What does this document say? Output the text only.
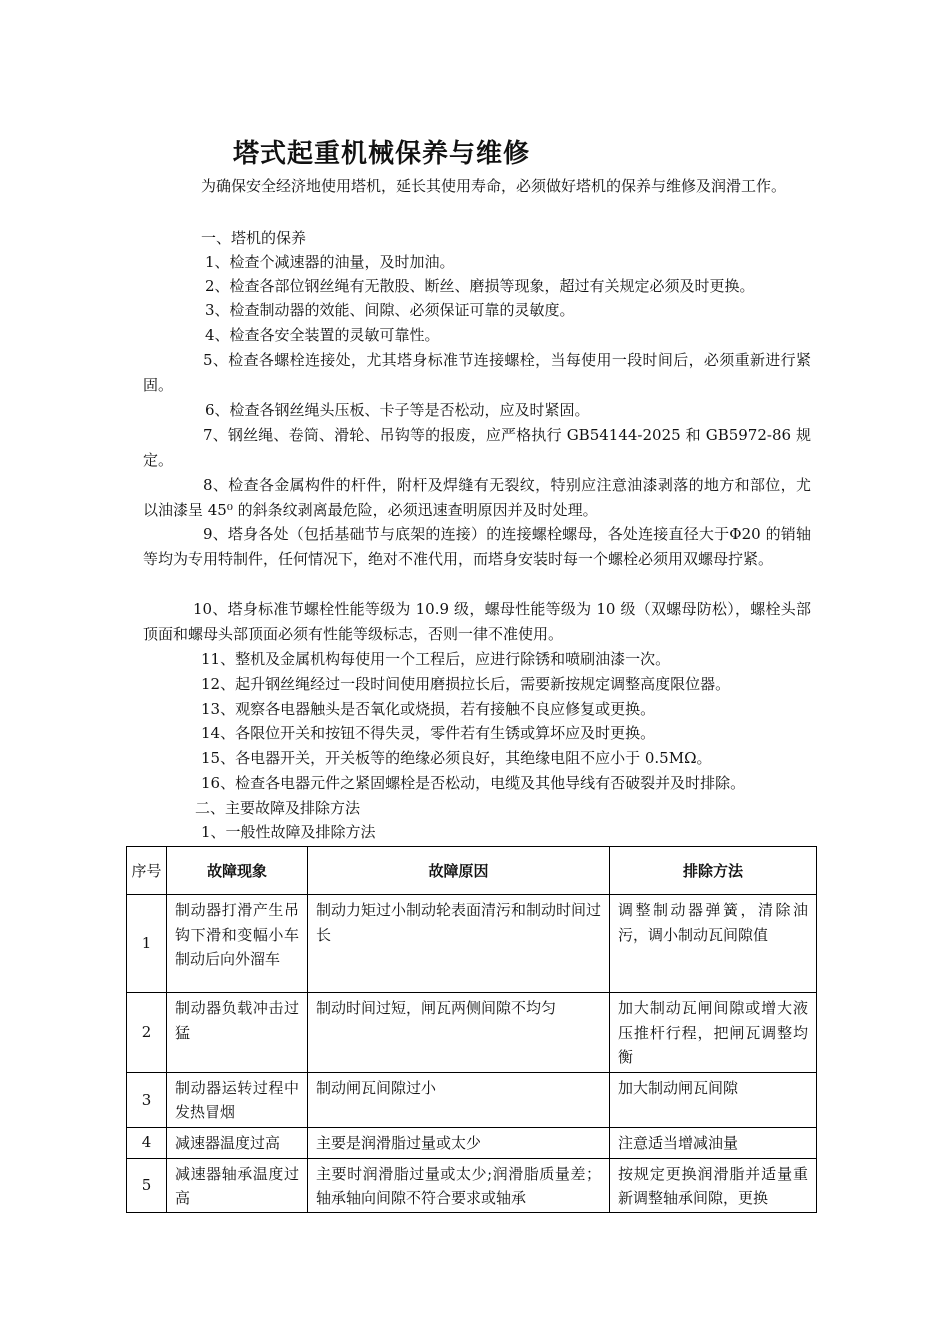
塔式起重机械保养与维修

为确保安全经济地使用塔机，延长其使用寿命，必须做好塔机的保养与维修及润滑工作。

一、塔机的保养

1、检查个减速器的油量，及时加油。

2、检查各部位钢丝绳有无散股、断丝、磨损等现象，超过有关规定必须及时更换。

3、检查制动器的效能、间隙、必须保证可靠的灵敏度。

4、检查各安全装置的灵敏可靠性。

5、检查各螺栓连接处，尤其塔身标准节连接螺栓，当每使用一段时间后，必须重新进行紧固。

6、检查各钢丝绳头压板、卡子等是否松动，应及时紧固。

7、钢丝绳、卷筒、滑轮、吊钩等的报废，应严格执行 GB54144-2025 和 GB5972-86 规定。

8、检查各金属构件的杆件，附杆及焊缝有无裂纹，特别应注意油漆剥落的地方和部位，尤以油漆呈 45⁰ 的斜条纹剥离最危险，必须迅速查明原因并及时处理。

9、塔身各处（包括基础节与底架的连接）的连接螺栓螺母，各处连接直径大于Φ20 的销轴等均为专用特制件，任何情况下，绝对不准代用，而塔身安装时每一个螺栓必须用双螺母拧紧。

10、塔身标准节螺栓性能等级为 10.9 级，螺母性能等级为 10 级（双螺母防松），螺栓头部顶面和螺母头部顶面必须有性能等级标志，否则一律不准使用。

11、整机及金属机构每使用一个工程后，应进行除锈和喷刷油漆一次。

12、起升钢丝绳经过一段时间使用磨损拉长后，需要新按规定调整高度限位器。

13、观察各电器触头是否氧化或烧损，若有接触不良应修复或更换。

14、各限位开关和按钮不得失灵，零件若有生锈或算坏应及时更换。

15、各电器开关，开关板等的绝缘必须良好，其绝缘电阻不应小于 0.5MΩ。

16、检查各电器元件之紧固螺栓是否松动，电缆及其他导线有否破裂并及时排除。

二、主要故障及排除方法

1、一般性故障及排除方法

序号	故障现象	故障原因	排除方法
1	制动器打滑产生吊钩下滑和变幅小车制动后向外溜车	制动力矩过小制动轮表面清污和制动时间过长	调整制动器弹簧，清除油污，调小制动瓦间隙值
2	制动器负载冲击过猛	制动时间过短，闸瓦两侧间隙不均匀	加大制动瓦闸间隙或增大液压推杆行程，把闸瓦调整均衡
3	制动器运转过程中发热冒烟	制动闸瓦间隙过小	加大制动闸瓦间隙
4	减速器温度过高	主要是润滑脂过量或太少	注意适当增减油量
5	减速器轴承温度过高	主要时润滑脂过量或太少;润滑脂质量差；轴承轴向间隙不符合要求或轴承	按规定更换润滑脂并适量重新调整轴承间隙，更换
